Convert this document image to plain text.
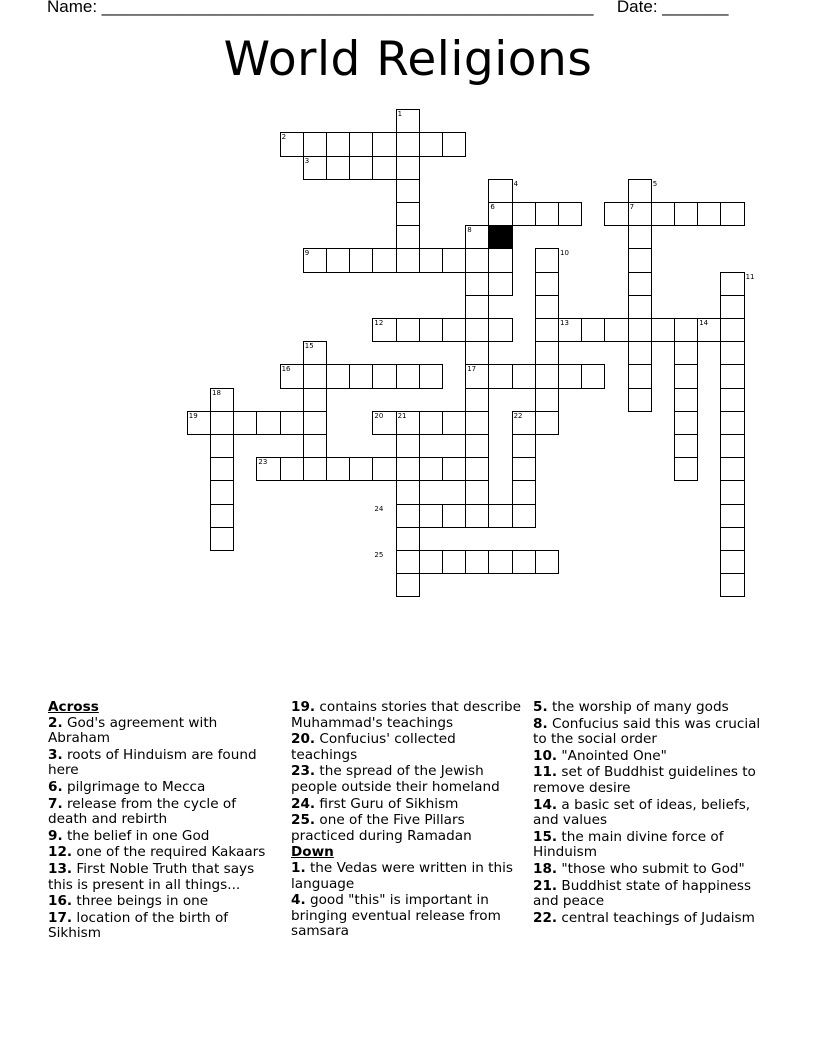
Name: ____________________________________________________ Date: _______
World Religions
1
2
3
4	5
6	7
8
9	10
11
12	13	14
15
16	17
18
19	20 21	22
23
24
25
Across
2. God's agreement with Abraham
3. roots of Hinduism are found here
6. pilgrimage to Mecca
7. release from the cycle of death and rebirth
9. the belief in one God
12. one of the required Kakaars
13. First Noble Truth that says this is present in all things...
16. three beings in one
17. location of the birth of Sikhism
19. contains stories that describe Muhammad's teachings
20. Confucius' collected teachings
23. the spread of the Jewish people outside their homeland
24. first Guru of Sikhism
25. one of the Five Pillars practiced during Ramadan
Down
1. the Vedas were written in this language
4. good "this" is important in bringing eventual release from samsara
5. the worship of many gods
8. Confucius said this was crucial to the social order
10. "Anointed One"
11. set of Buddhist guidelines to remove desire
14. a basic set of ideas, beliefs, and values
15. the main divine force of Hinduism
18. "those who submit to God"
21. Buddhist state of happiness and peace
22. central teachings of Judaism
